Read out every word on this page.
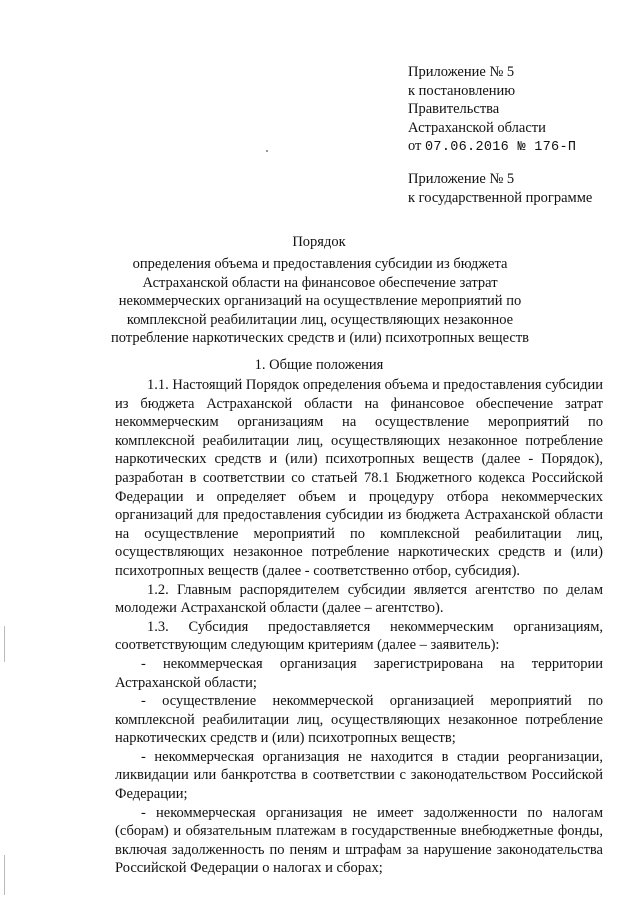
Приложение № 5
к постановлению
Правительства
Астраханской области
от 07.06.2016 № 176-П
Приложение № 5
к государственной программе
Порядок
определения объема и предоставления субсидии из бюджета Астраханской области на финансовое обеспечение затрат некоммерческих организаций на осуществление мероприятий по комплексной реабилитации лиц, осуществляющих незаконное потребление наркотических средств и (или) психотропных веществ
1. Общие положения

1.1. Настоящий Порядок определения объема и предоставления субсидии из бюджета Астраханской области на финансовое обеспечение затрат некоммерческим организациям на осуществление мероприятий по комплексной реабилитации лиц, осуществляющих незаконное потребление наркотических средств и (или) психотропных веществ (далее - Порядок), разработан в соответствии со статьей 78.1 Бюджетного кодекса Российской Федерации и определяет объем и процедуру отбора некоммерческих организаций для предоставления субсидии из бюджета Астраханской области на осуществление мероприятий по комплексной реабилитации лиц, осуществляющих незаконное потребление наркотических средств и (или) психотропных веществ (далее - соответственно отбор, субсидия).

1.2. Главным распорядителем субсидии является агентство по делам молодежи Астраханской области (далее – агентство).

1.3. Субсидия предоставляется некоммерческим организациям, соответствующим следующим критериям (далее – заявитель):

- некоммерческая организация зарегистрирована на территории Астраханской области;

- осуществление некоммерческой организацией мероприятий по комплексной реабилитации лиц, осуществляющих незаконное потребление наркотических средств и (или) психотропных веществ;

- некоммерческая организация не находится в стадии реорганизации, ликвидации или банкротства в соответствии с законодательством Российской Федерации;

- некоммерческая организация не имеет задолженности по налогам (сборам) и обязательным платежам в государственные внебюджетные фонды, включая задолженность по пеням и штрафам за нарушение законодательства Российской Федерации о налогах и сборах;
